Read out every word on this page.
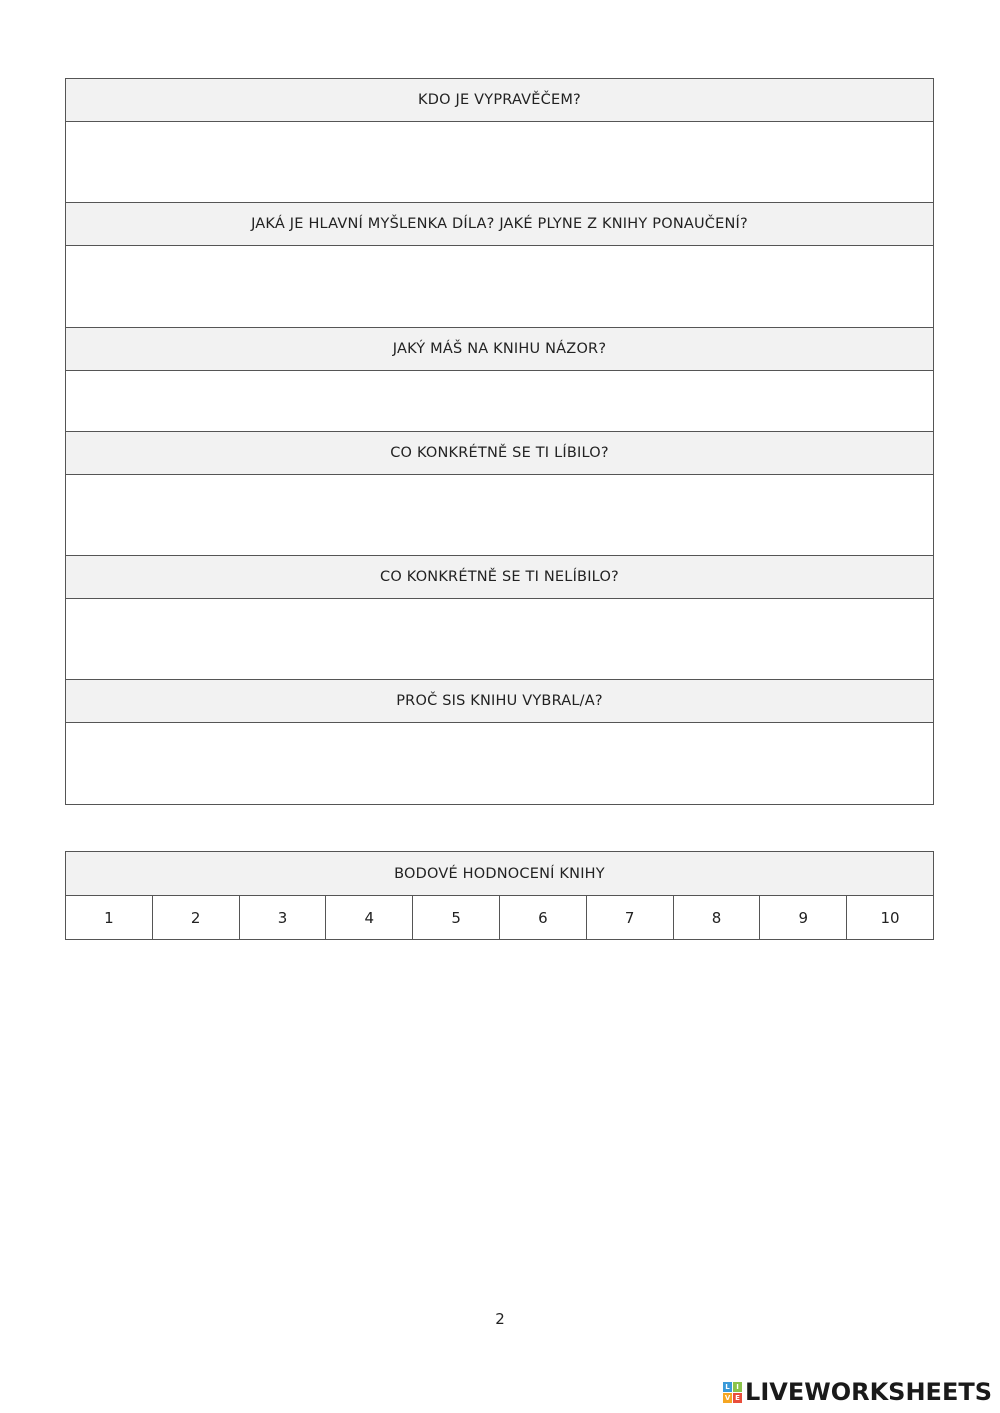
KDO JE VYPRAVĚČEM?
JAKÁ JE HLAVNÍ MYŠLENKA DÍLA? JAKÉ PLYNE Z KNIHY PONAUČENÍ?
JAKÝ MÁŠ NA KNIHU NÁZOR?
CO KONKRÉTNĚ SE TI LÍBILO?
CO KONKRÉTNĚ SE TI NELÍBILO?
PROČ SIS KNIHU VYBRAL/A?
BODOVÉ HODNOCENÍ KNIHY
1	2	3	4	5	6	7	8	9	10
2
L I
V E LIVEWORKSHEETS
